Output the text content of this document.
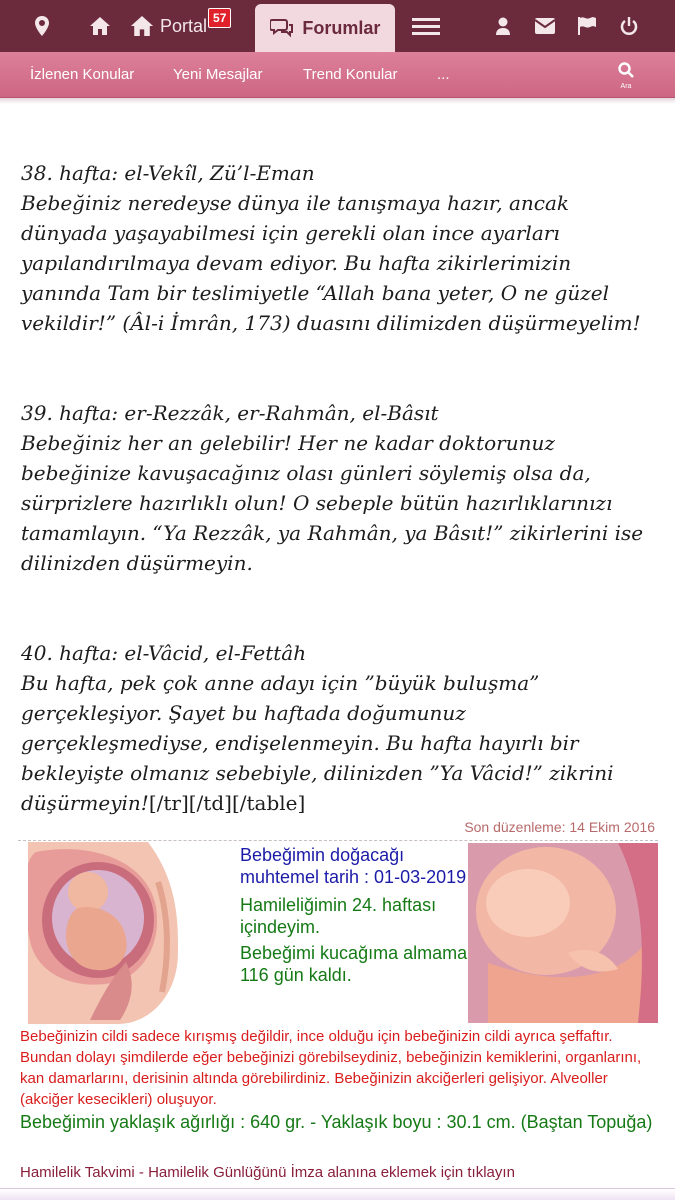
Portal 57	Forumlar
İzlenen Konular	Yeni Mesajlar	Trend Konular	...
Ara
38. hafta: el-Vekîl, Zü’l-Eman
Bebeğiniz neredeyse dünya ile tanışmaya hazır, ancak
dünyada yaşayabilmesi için gerekli olan ince ayarları
yapılandırılmaya devam ediyor. Bu hafta zikirlerimizin
yanında Tam bir teslimiyetle “Allah bana yeter, O ne güzel
vekildir!” (Âl-i İmrân, 173) duasını dilimizden düşürmeyelim!
39. hafta: er-Rezzâk, er-Rahmân, el-Bâsıt
Bebeğiniz her an gelebilir! Her ne kadar doktorunuz
bebeğinize kavuşacağınız olası günleri söylemiş olsa da,
sürprizlere hazırlıklı olun! O sebeple bütün hazırlıklarınızı
tamamlayın. “Ya Rezzâk, ya Rahmân, ya Bâsıt!” zikirlerini ise
dilinizden düşürmeyin.
40. hafta: el-Vâcid, el-Fettâh
Bu hafta, pek çok anne adayı için ”büyük buluşma”
gerçekleşiyor. Şayet bu haftada doğumunuz
gerçekleşmediyse, endişelenmeyin. Bu hafta hayırlı bir
bekleyişte olmanız sebebiyle, dilinizden ”Ya Vâcid!” zikrini
düşürmeyin![/tr][/td][/table]
Son düzenleme: 14 Ekim 2016
Bebeğimin doğacağı muhtemel tarih : 01-03-2019
Hamileliğimin 24. haftası içindeyim.
Bebeğimi kucağıma almama 116 gün kaldı.
Bebeğinizin cildi sadece kırışmış değildir, ince olduğu için bebeğinizin cildi ayrıca şeffaftır. Bundan dolayı şimdilerde eğer bebeğinizi görebilseydiniz, bebeğinizin kemiklerini, organlarını, kan damarlarını, derisinin altında görebilirdiniz. Bebeğinizin akciğerleri gelişiyor. Alveoller (akciğer kesecikleri) oluşuyor.
Bebeğimin yaklaşık ağırlığı : 640 gr. - Yaklaşık boyu : 30.1 cm. (Baştan Topuğa)
Hamilelik Takvimi - Hamilelik Günlüğünü İmza alanına eklemek için tıklayın
